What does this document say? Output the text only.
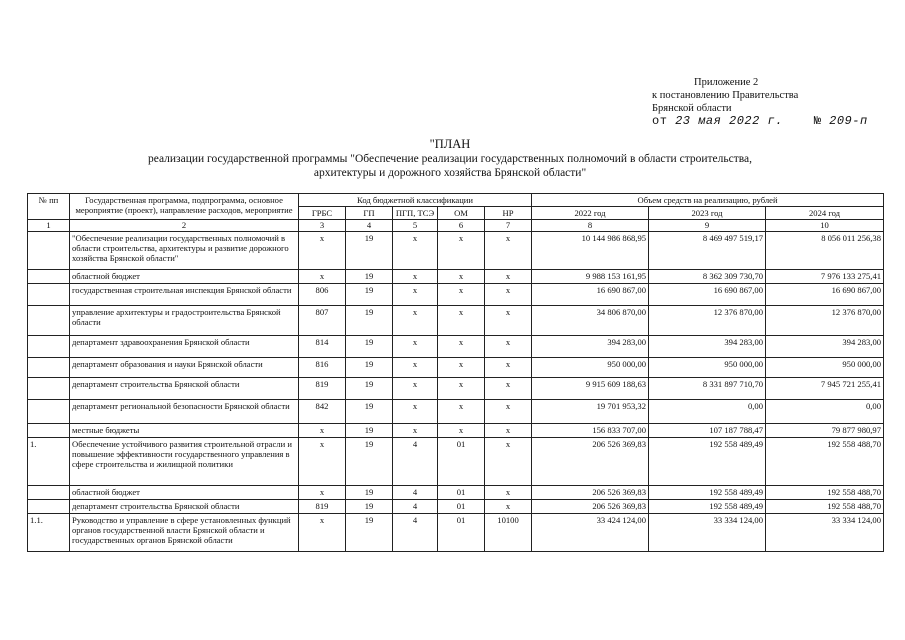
Приложение 2
к постановлению Правительства
Брянской области
от 23 мая 2022 г.	№ 209-п
"ПЛАН
реализации государственной программы "Обеспечение реализации государственных полномочий в области строительства,
архитектуры и дорожного хозяйства Брянской области"
№ пп	Государственная программа, подпрограмма, основное мероприятие (проект), направление расходов, мероприятие	Код бюджетной классификации					Объем средств на реализацию, рублей		
		ГРБС	ГП	ПГП, ТСЭ	ОМ	НР	2022 год	2023 год	2024 год
1	2	3	4	5	6	7	8	9	10
	"Обеспечение реализации государственных полномочий в области строительства, архитектуры и развитие дорожного хозяйства Брянской области"	х	19	х	х	х	10 144 986 868,95	8 469 497 519,17	8 056 011 256,38
	областной бюджет	х	19	х	х	х	9 988 153 161,95	8 362 309 730,70	7 976 133 275,41
	государственная строительная инспекция Брянской области	806	19	х	х	х	16 690 867,00	16 690 867,00	16 690 867,00
	управление архитектуры и градостроительства Брянской области	807	19	х	х	х	34 806 870,00	12 376 870,00	12 376 870,00
	департамент здравоохранения Брянской области	814	19	х	х	х	394 283,00	394 283,00	394 283,00
	департамент образования и науки Брянской области	816	19	х	х	х	950 000,00	950 000,00	950 000,00
	департамент строительства Брянской области	819	19	х	х	х	9 915 609 188,63	8 331 897 710,70	7 945 721 255,41
	департамент региональной безопасности Брянской области	842	19	х	х	х	19 701 953,32	0,00	0,00
	местные бюджеты	х	19	х	х	х	156 833 707,00	107 187 788,47	79 877 980,97
1.	Обеспечение устойчивого развития строительной отрасли и повышение эффективности государственного управления в сфере строительства и жилищной политики	х	19	4	01	х	206 526 369,83	192 558 489,49	192 558 488,70
	областной бюджет	х	19	4	01	х	206 526 369,83	192 558 489,49	192 558 488,70
	департамент строительства Брянской области	819	19	4	01	х	206 526 369,83	192 558 489,49	192 558 488,70
1.1.	Руководство и управление в сфере установленных функций органов государственной власти Брянской области и государственных органов Брянской области	х	19	4	01	10100	33 424 124,00	33 334 124,00	33 334 124,00
